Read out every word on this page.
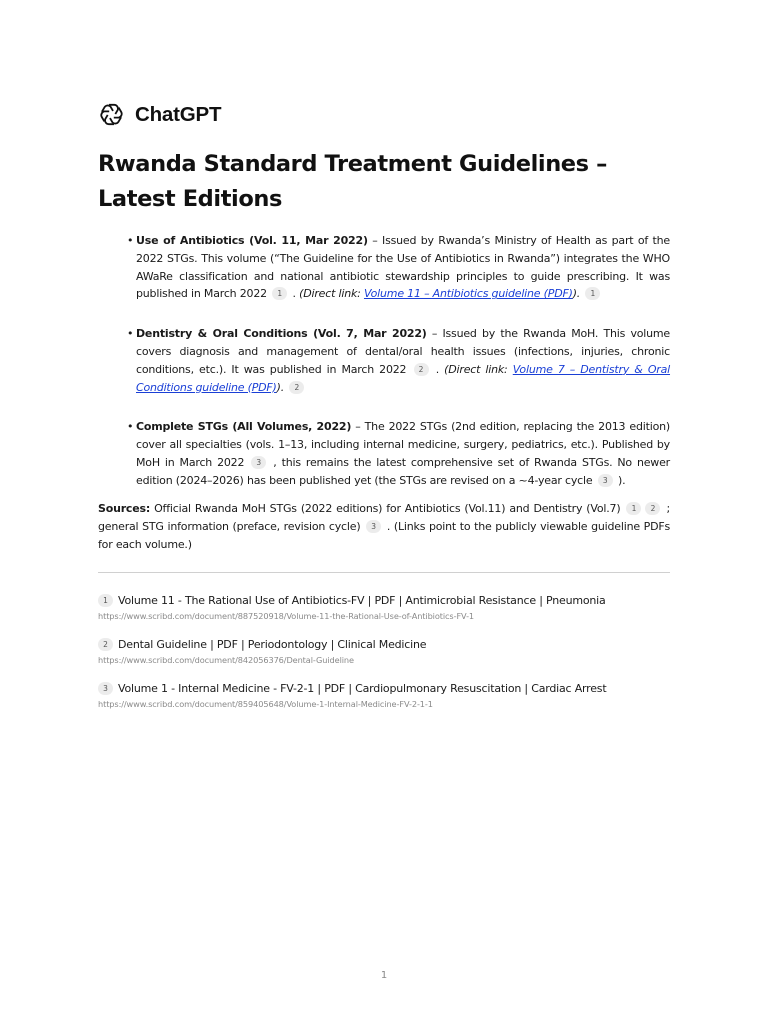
ChatGPT
Rwanda Standard Treatment Guidelines – Latest Editions
• Use of Antibiotics (Vol. 11, Mar 2022) – Issued by Rwanda’s Ministry of Health as part of the 2022 STGs. This volume (“The Guideline for the Use of Antibiotics in Rwanda”) integrates the WHO AWaRe classification and national antibiotic stewardship principles to guide prescribing. It was published in March 2022 1 . (Direct link: Volume 11 – Antibiotics guideline (PDF)). 1
• Dentistry & Oral Conditions (Vol. 7, Mar 2022) – Issued by the Rwanda MoH. This volume covers diagnosis and management of dental/oral health issues (infections, injuries, chronic conditions, etc.). It was published in March 2022 2 . (Direct link: Volume 7 – Dentistry & Oral Conditions guideline (PDF)). 2
• Complete STGs (All Volumes, 2022) – The 2022 STGs (2nd edition, replacing the 2013 edition) cover all specialties (vols. 1–13, including internal medicine, surgery, pediatrics, etc.). Published by MoH in March 2022 3 , this remains the latest comprehensive set of Rwanda STGs. No newer edition (2024–2026) has been published yet (the STGs are revised on a ~4-year cycle 3 ).

Sources: Official Rwanda MoH STGs (2022 editions) for Antibiotics (Vol.11) and Dentistry (Vol.7) 1 2 ; general STG information (preface, revision cycle) 3 . (Links point to the publicly viewable guideline PDFs for each volume.)

1 Volume 11 - The Rational Use of Antibiotics-FV | PDF | Antimicrobial Resistance | Pneumonia
https://www.scribd.com/document/887520918/Volume-11-the-Rational-Use-of-Antibiotics-FV-1
2 Dental Guideline | PDF | Periodontology | Clinical Medicine
https://www.scribd.com/document/842056376/Dental-Guideline
3 Volume 1 - Internal Medicine - FV-2-1 | PDF | Cardiopulmonary Resuscitation | Cardiac Arrest
https://www.scribd.com/document/859405648/Volume-1-Internal-Medicine-FV-2-1-1
1
